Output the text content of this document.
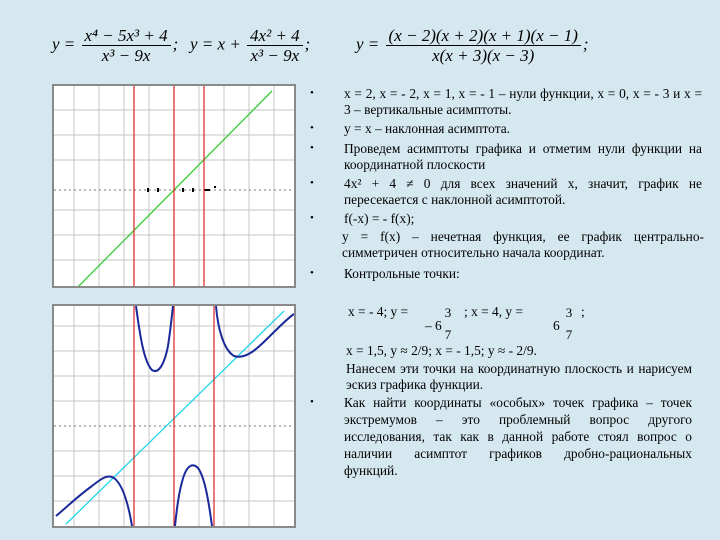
$y = \frac{\text{x⁴ − 5x³ + 4}}{\text{x³ − 9x}}$ ; $y = x + \frac{\text{4x² + 4}}{\text{x³ − 9x}}$ ;	$y = \frac{(x - 2)(x + 2)(x + 1)(x - 1)}{x(x + 3)(x - 3)}$ ;
•	x = 2, x = - 2, x = 1, x = - 1 – нули функции, x = 0, x = - 3 и x = 3 – вертикальные асимптоты.
•	y = x – наклонная асимптота.
•	Проведем асимптоты графика и отметим нули функции на координатной плоскости
•	4x² + 4 ≠ 0 для всех значений x, значит, график не пересекается с наклонной асимптотой.
•	f(-x) = - f(x);
y = f(x) – нечетная функция, ее график центрально-симметричен относительно начала координат.
•	Контрольные точки:
x = - 4; y =
– 6
3
7
; x = 4, y =
6
3
7
;
x = 1,5, y ≈ 2/9; x = - 1,5; y ≈ - 2/9.
Нанесем эти точки на координатную плоскость и нарисуем эскиз графика функции.
• Как найти координаты «особых» точек графика – точек экстремумов – это проблемный вопрос другого исследования, так как в данной работе стоял вопрос о наличии асимптот графиков дробно-рациональных функций.
